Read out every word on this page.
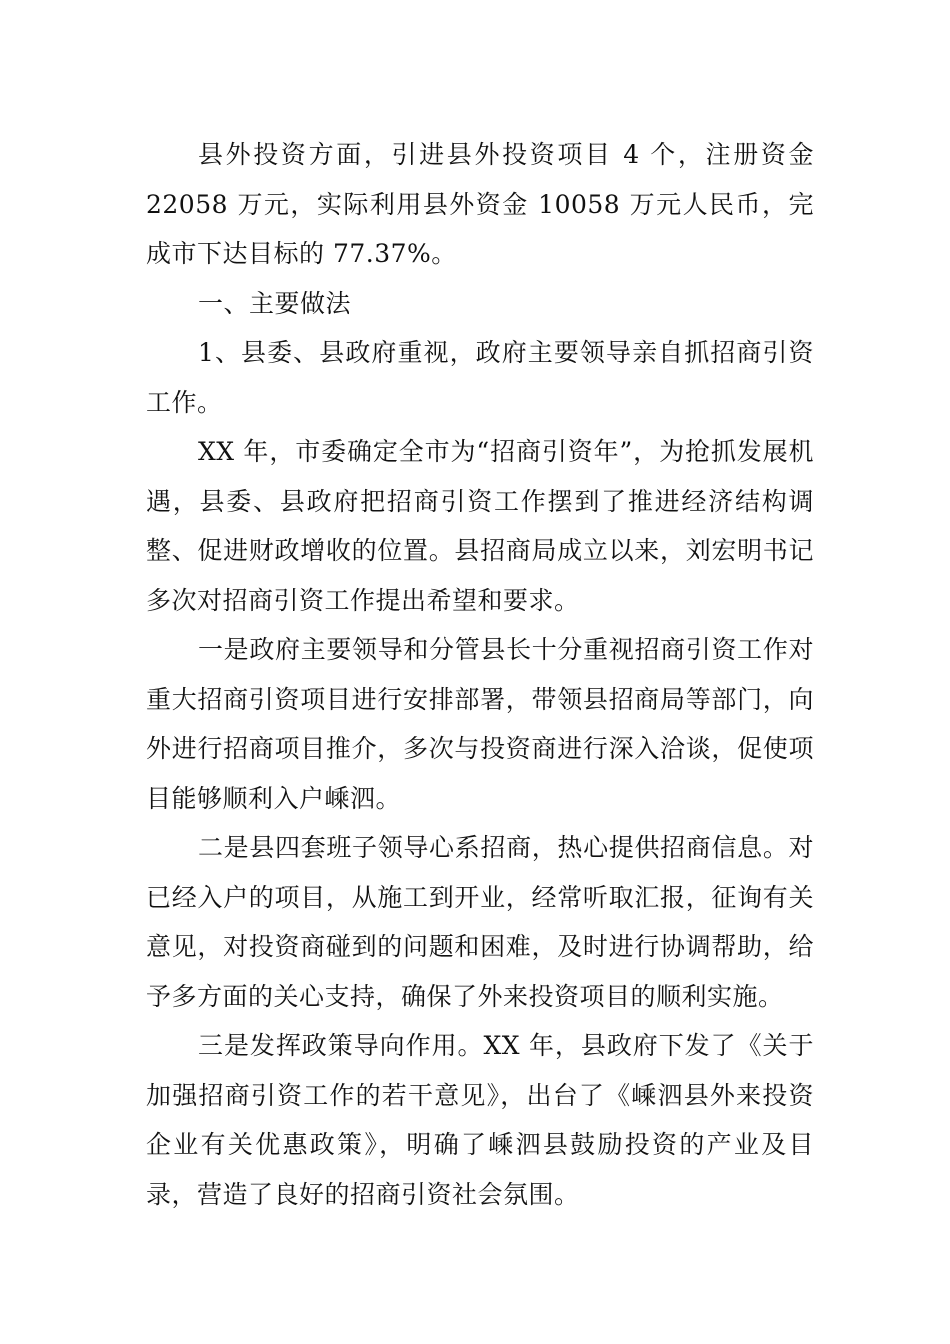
县外投资方面，引进县外投资项目 4 个，注册资金 22058 万元，实际利用县外资金 10058 万元人民币，完成市下达目标的 77.37%。

一、主要做法

1、县委、县政府重视，政府主要领导亲自抓招商引资工作。

XX 年，市委确定全市为“招商引资年”，为抢抓发展机遇，县委、县政府把招商引资工作摆到了推进经济结构调整、促进财政增收的位置。县招商局成立以来，刘宏明书记多次对招商引资工作提出希望和要求。

一是政府主要领导和分管县长十分重视招商引资工作对重大招商引资项目进行安排部署，带领县招商局等部门，向外进行招商项目推介，多次与投资商进行深入洽谈，促使项目能够顺利入户嵊泗。

二是县四套班子领导心系招商，热心提供招商信息。对已经入户的项目，从施工到开业，经常听取汇报，征询有关意见，对投资商碰到的问题和困难，及时进行协调帮助，给予多方面的关心支持，确保了外来投资项目的顺利实施。

三是发挥政策导向作用。XX 年，县政府下发了《关于加强招商引资工作的若干意见》，出台了《嵊泗县外来投资企业有关优惠政策》，明确了嵊泗县鼓励投资的产业及目录，营造了良好的招商引资社会氛围。
